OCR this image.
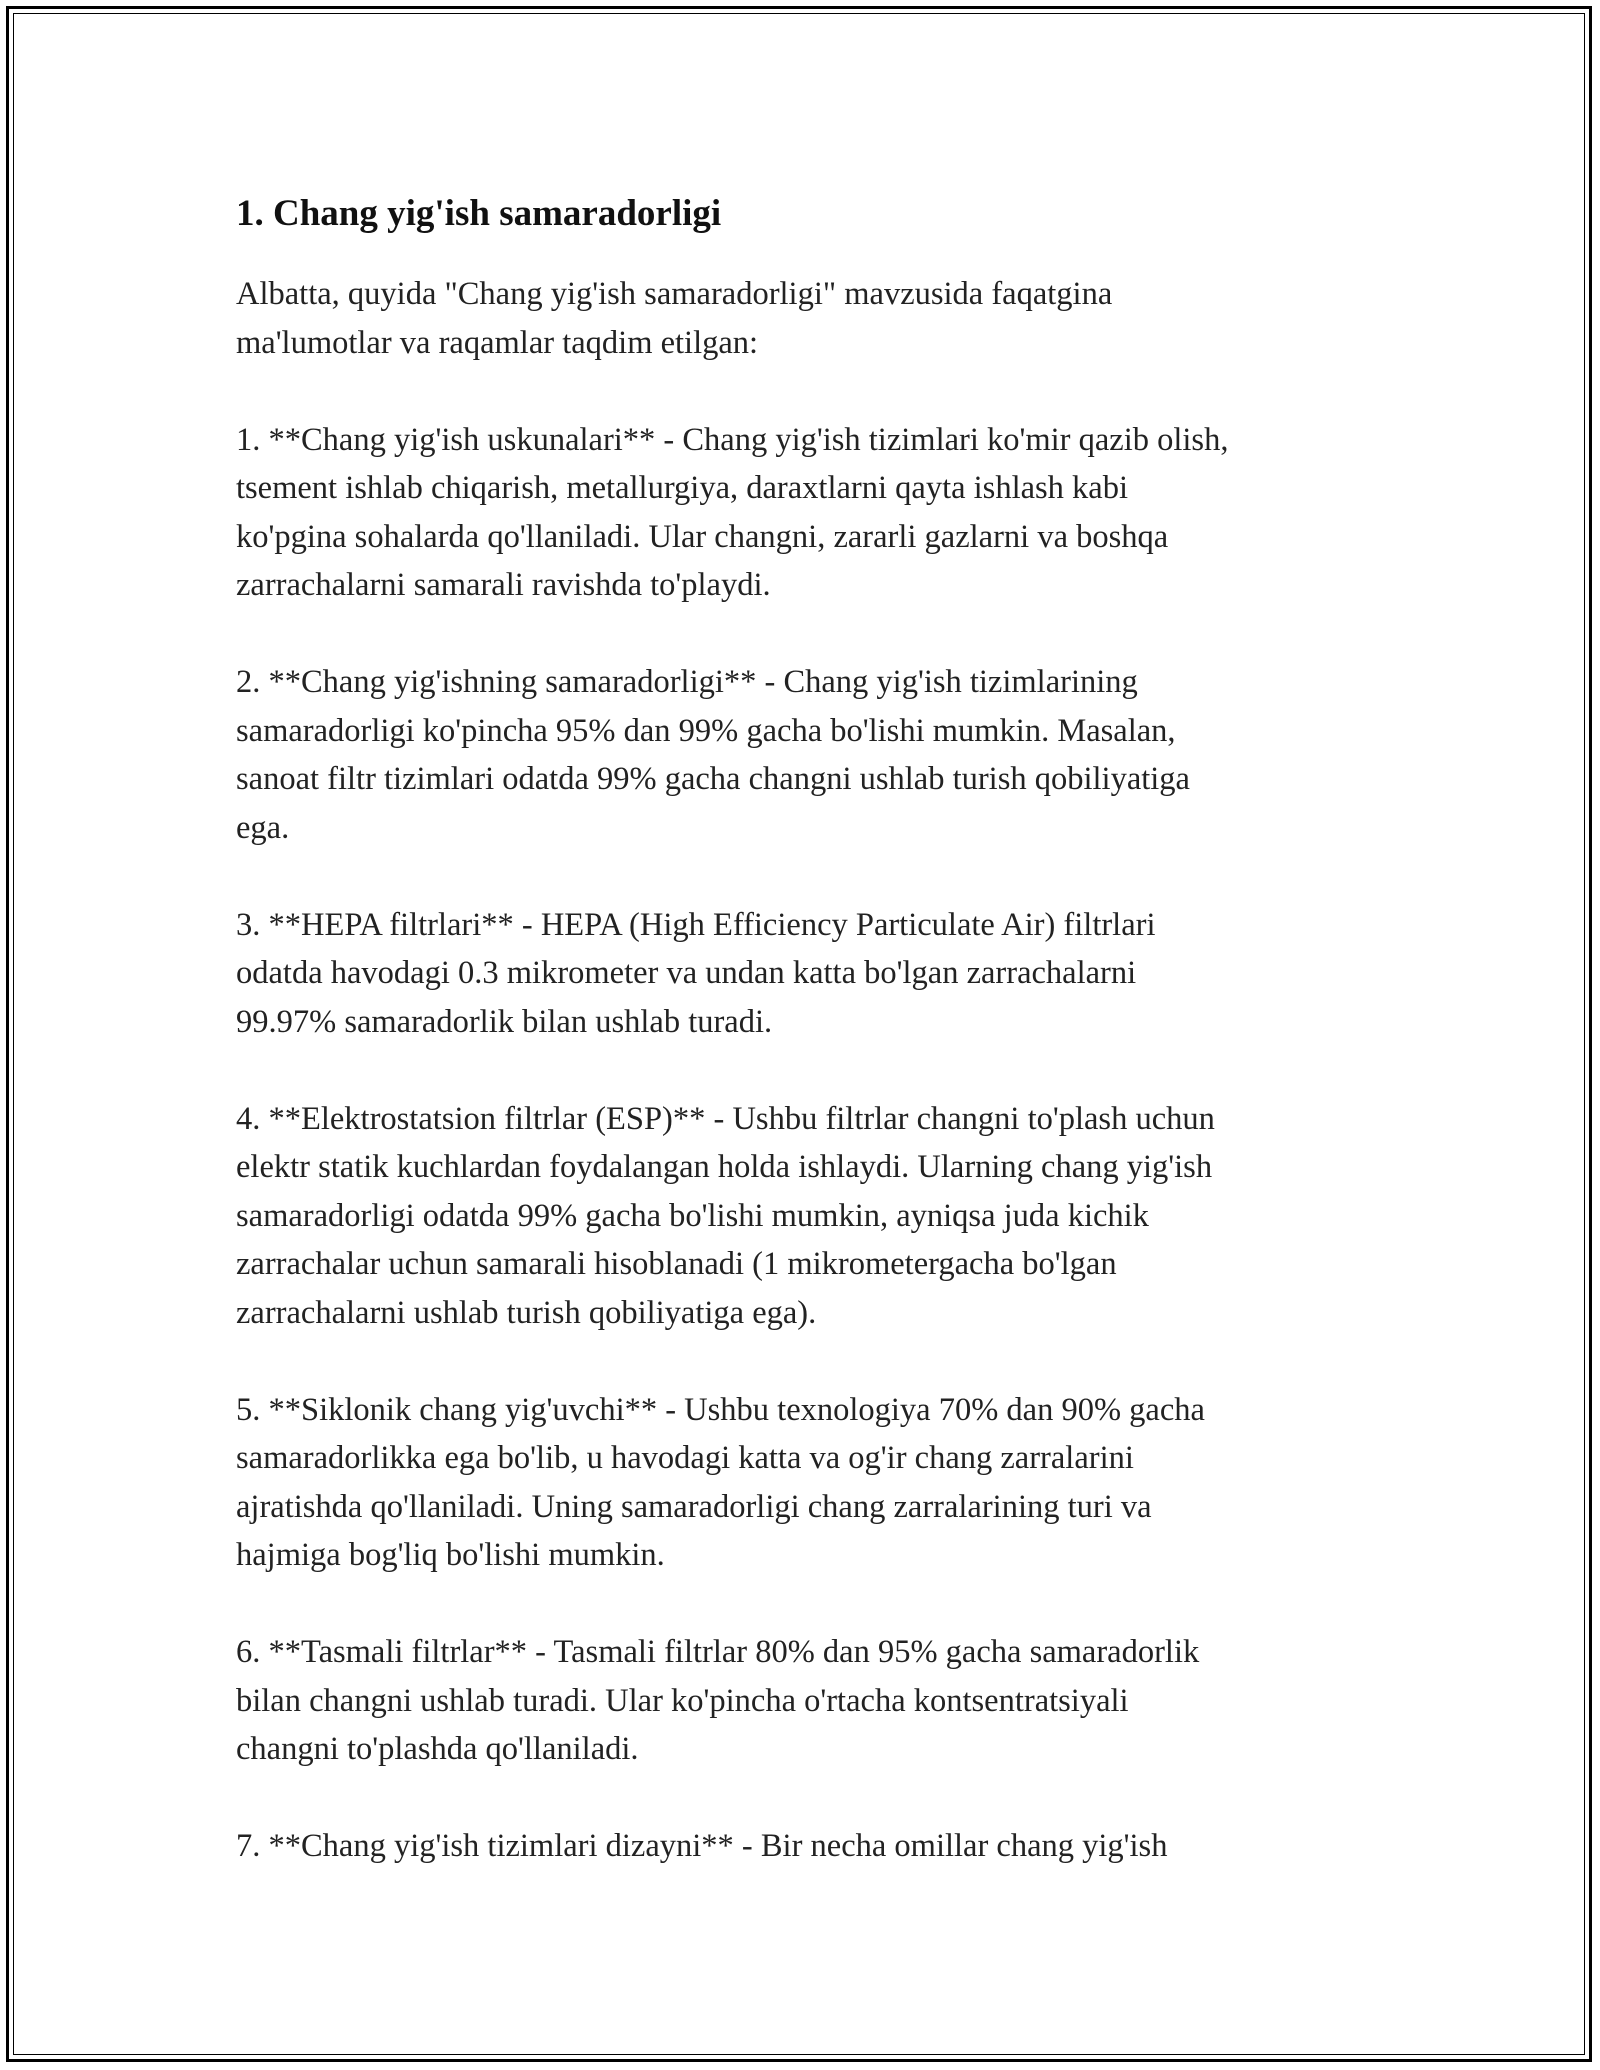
1. Chang yig'ish samaradorligi

Albatta, quyida "Chang yig'ish samaradorligi" mavzusida faqatgina
ma'lumotlar va raqamlar taqdim etilgan:

1. **Chang yig'ish uskunalari** - Chang yig'ish tizimlari ko'mir qazib olish,
tsement ishlab chiqarish, metallurgiya, daraxtlarni qayta ishlash kabi
ko'pgina sohalarda qo'llaniladi. Ular changni, zararli gazlarni va boshqa
zarrachalarni samarali ravishda to'playdi.

2. **Chang yig'ishning samaradorligi** - Chang yig'ish tizimlarining
samaradorligi ko'pincha 95% dan 99% gacha bo'lishi mumkin. Masalan,
sanoat filtr tizimlari odatda 99% gacha changni ushlab turish qobiliyatiga
ega.

3. **HEPA filtrlari** - HEPA (High Efficiency Particulate Air) filtrlari
odatda havodagi 0.3 mikrometer va undan katta bo'lgan zarrachalarni
99.97% samaradorlik bilan ushlab turadi.

4. **Elektrostatsion filtrlar (ESP)** - Ushbu filtrlar changni to'plash uchun
elektr statik kuchlardan foydalangan holda ishlaydi. Ularning chang yig'ish
samaradorligi odatda 99% gacha bo'lishi mumkin, ayniqsa juda kichik
zarrachalar uchun samarali hisoblanadi (1 mikrometergacha bo'lgan
zarrachalarni ushlab turish qobiliyatiga ega).

5. **Siklonik chang yig'uvchi** - Ushbu texnologiya 70% dan 90% gacha
samaradorlikka ega bo'lib, u havodagi katta va og'ir chang zarralarini
ajratishda qo'llaniladi. Uning samaradorligi chang zarralarining turi va
hajmiga bog'liq bo'lishi mumkin.

6. **Tasmali filtrlar** - Tasmali filtrlar 80% dan 95% gacha samaradorlik
bilan changni ushlab turadi. Ular ko'pincha o'rtacha kontsentratsiyali
changni to'plashda qo'llaniladi.

7. **Chang yig'ish tizimlari dizayni** - Bir necha omillar chang yig'ish
